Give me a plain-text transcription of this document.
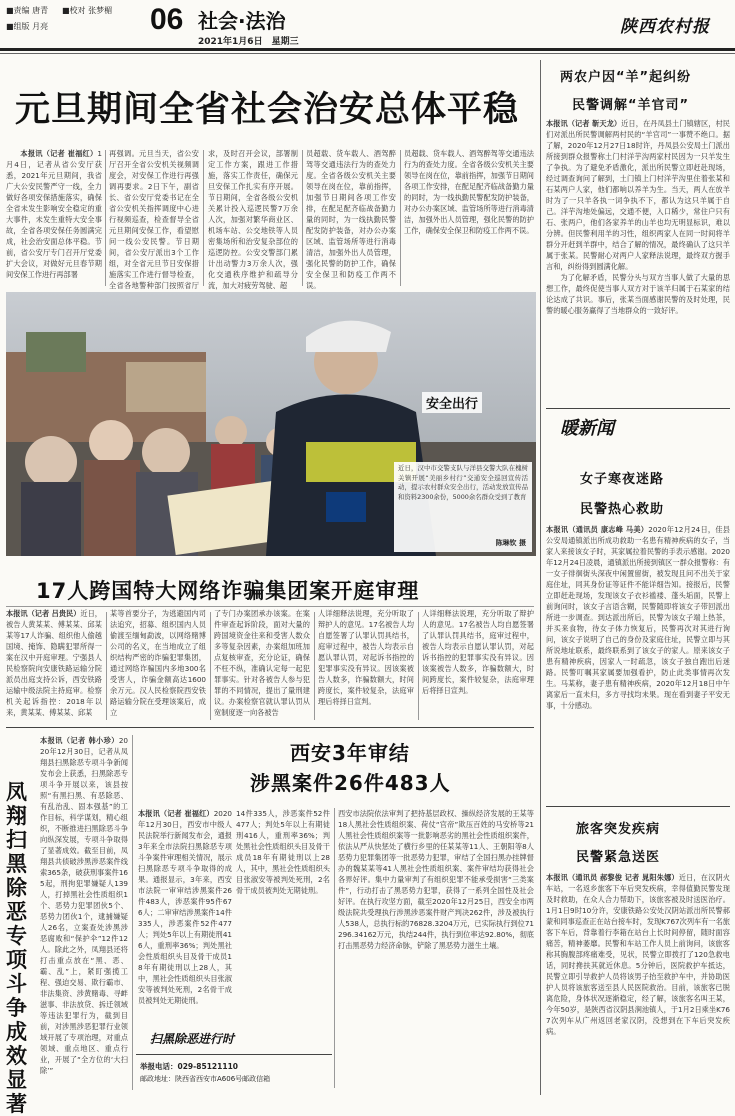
■责编 唐青 ■校对 张梦楣
■组版 月亮	06 社会·法治
2021年1月6日　星期三
陕西农村报
元旦期间全省社会治安总体平稳

本报讯（记者 崔福红）1月4日，记者从省公安厅获悉，2021年元旦期间，我省广大公安民警严守一线，全力做好各项安保措施落实，确保全省未发生影响安全稳定的重大事件，未发生重特大安全事故，全省各项安保任务圆满完成，社会治安面总体平稳。节前，省公安厅专门召开厅党委扩大会议，对做好元旦春节期间安保工作进行再部署

再强调。元旦当天，省公安厅召开全省公安机关视频调度会，对安保工作进行再强调再要求。2日下午，副省长、省公安厅党委书记在全省公安机关指挥调度中心进行视频巡查，检查督导全省元旦期间安保工作，看望慰问一线公安民警。节日期间，省公安厅派出3个工作组，对全省元旦节日安保措施落实工作进行督导检查，全省各地警种部门按照省厅
求，及时召开会议，部署制定工作方案，跟进工作措施，落实工作责任，确保元旦安保工作扎实有序开展。节日期间，全省各级公安机关累计投入巡逻民警7万余人次，加强对繁华商业区、机场车站、公交地铁等人员密集场所和治安复杂部位的巡逻防控。公安交警部门累计出动警力3万余人次，强化交通秩序维护和疏导分流，加大对疲劳驾驶、超
员超载、货车载人、酒驾醉驾等交通违法行为的查处力度。全省各级公安机关主要领导在岗在位，靠前指挥，加强节日期间各项工作安排，在配足配齐临战备勤力量的同时，为一线执勤民警配发防护装备，对办公办案区域、监管场所等进行消毒清洁，加强外出人员管理，强化民警的防护工作，确保安全保卫和防疫工作两不误。

员超载、货车载人、酒驾醉驾等交通违法行为的查处力度。全省各级公安机关主要领导在岗在位，靠前指挥，加强节日期间各项工作安排，在配足配齐临战备勤力量的同时，为一线执勤民警配发防护装备，对办公办案区域、监管场所等进行消毒清洁，加强外出人员管理，强化民警的防护工作，确保安全保卫和防疫工作两不误。

安全出行
近日，汉中市交警支队与洋县交警大队在槐树关镇开展“美丽乡村行”交通安全巡回宣传活动，提示农村群众安全出行，活动发放宣传品和资料2300余份，5000余名群众受到了教育
陈琳钦 摄
17人跨国特大网络诈骗集团案开庭审理

本报讯（记者 吕贵民）近日，被告人黄某某、傅某某、邱某某等17人诈骗、组织他人偷越国境、掩饰、隐瞒犯罪所得一案在汉中开庭审理。宁强县人民检察院向安康铁路运输分院派员出庭支持公诉，西安铁路运输中级法院主持庭审。检察机关起诉指控：2018年以来，黄某某、傅某某、邱某

某等首要分子，为逃避国内司法追究，招募、组织国内人员偷渡至缅甸勐波，以网络赌博公司的名义，在当地成立了组织结构严密的诈骗犯罪集团，通过网络诈骗国内多地300名受害人，诈骗金额高达1600余万元。汉人民检察院西安铁路运输分院在受理该案后，成立
了专门办案团承办该案。在案件审查起诉阶段，面对大量的跨国境资金往来和受害人数众多等复杂因素，办案组加班加点复核审查，充分论证，确保不枉不纵，准确认定每一起犯罪事实。针对各被告人参与犯罪的不同情况，提出了量刑建议。办案检察官就认罪认罚从宽制度逐一向各被告
人详细释法说理，充分听取了辩护人的意见。17名被告人均自愿签署了认罪认罚具结书，庭审过程中，被告人均表示自愿认罪认罚，对起诉书指控的犯罪事实没有异议。因该案被告人数多，诈骗数额大，时间跨度长，案件较复杂，法庭审理后将择日宣判。

人详细释法说理，充分听取了辩护人的意见。17名被告人均自愿签署了认罪认罚具结书，庭审过程中，被告人均表示自愿认罪认罚，对起诉书指控的犯罪事实没有异议。因该案被告人数多，诈骗数额大，时间跨度长，案件较复杂，法庭审理后将择日宣判。

凤翔扫黑除恶专项斗争成效显著

本报讯（记者 韩小珍）2020年12月30日，记者从凤翔县扫黑除恶专项斗争新闻发布会上获悉，扫黑除恶专项斗争开展以来，该县按照“有黑扫黑、有恶除恶、有乱治乱、固本强基”的工作目标，科学谋划，精心组织，不断推进扫黑除恶斗争向纵深发展，专项斗争取得了显著成效。截至目前，凤翔县共侦破涉黑涉恶案件线索365条，破获刑事案件165起，刑拘犯罪嫌疑人139人，打掉黑社会性质组织1个、恶势力犯罪团伙5个、恶势力团伙1个，逮捕嫌疑人26名，立案查处涉黑涉恶腐败和“保护伞”12件12人。除此之外，凤翔县还将打击重点放在“黑、恶、霸、乱”上，紧盯强揽工程、强迫交易、欺行霸市、非法集资、涉黄赌毒、寻衅滋事、非法放贷、拆迁领域等违法犯罪行为，截到目前，对涉黑涉恶犯罪行业领域开展了专项治理，对重点领域、重点地区、重点行业，开展了“全方位的‘大扫除’”

西安3年审结
涉黑案件26件483人

本报讯（记者 崔福红）2020年12月30日，西安市中级人民法院举行新闻发布会，通报3年来全市法院扫黑除恶专项斗争案件审理相关情况，展示扫黑除恶专项斗争取得的成果。通报显示，3年来，西安市法院一审审结涉黑案件26件483人，涉恶案件95件676人；二审审结涉黑案件14件335人，涉恶案件52件477人；判处5年以上有期徒刑416人，重刑率36%；判处黑社会性质组织头目及骨干成员18年有期徒刑以上28人，其中，黑社会性质组织头目张淑安等被判处死刑，2名骨干成员被判处无期徒刑。

14件335人，涉恶案件52件477人；判处5年以上有期徒刑416人，重刑率36%；判处黑社会性质组织头目及骨干成员18年有期徒刑以上28人，其中，黑社会性质组织头目张淑安等被判处死刑，2名骨干成员被判处无期徒刑。

西安市法院依法审判了把持基层政权、操纵经济发展的王某等18人黑社会性质组织案、荷仗“官帝”欺压百姓的马安桥等21人黑社会性质组织案等一批影响恶劣的黑社会性质组织案件，依法从严从快惩处了横行乡里的任某某等11人、王朝阳等8人恶势力犯罪集团等一批恶势力犯罪，审结了全国扫黑办挂牌督办的魏某某等41人黑社会性质组织案、案件审结均获得社会各界好评。集中力量审判了有组织犯罪不能承受损害“三类案件”，行动打击了黑恶势力犯罪，获得了一系列全国性及社会好评。在执行攻坚方面，截至2020年12月25日，西安全市两级法院共受理执行涉黑涉恶案件财产判决262件，涉及被执行人538人，总执行标的76828.3204万元，已实际执行到位71296.34162万元，执结244件，执行到位率达92.80%，彻底打击黑恶势力经济命脉，铲除了黑恶势力滋生土壤。
扫黑除恶进行时
举报电话：029-85121110
邮政地址：陕西省西安市A606号邮政信箱
两农户因“羊”起纠纷
民警调解“羊官司”

本报讯（记者 靳天龙）近日，在丹凤县土门镇辖区，村民们对派出所民警调解两村民的“羊官司”一事赞不绝口。据了解，2020年12月27日18时许，丹凤县公安局土门派出所接到群众报警称土门村洋芋沟两家村民因为一只羊发生了争执。为了避免矛盾激化，派出所民警立即赶赴现场，经过调查询问了解到，土门镇上门村洋芋沟里住着张某和石某两户人家，他们都响以养羊为生。当天，两人在放羊时为了一只羊各执一词争执不下，都认为这只羊属于自己。洋芋沟地处偏远，交通不便，入口稀少，常住户只有石、张两户，他们各家养羊的山羊也均无明显标识，难以分辨。但民警利用羊的习性，组织两家人在同一时间将羊群分开赶到羊群中，结合了解的情况，最终确认了这只羊属于张某。民警耐心对两户人家释法说理，最终双方握手言和，纠纷得到圆满化解。

为了化解矛盾，民警分头与双方当事人做了大量的思想工作，最终促使当事人双方对于该羊归属于石某家的结论达成了共识。事后，张某当面感谢民警的及时处理，民警的暖心服务赢得了当地群众的一致好评。

暖新闻
女子寒夜迷路
民警热心救助

本报讯（通讯员 康志峰 马美）2020年12月24日，佳县公安局通镇派出所成功救助一名患有精神疾病的女子，当家人来接该女子时，其家属拉着民警的手表示感谢。2020年12月24日凌晨，通镇派出所接到镇区一群众报警称：有一女子徘徊街头深夜中闲置留街，被发现且问不出关于家庭住址，同其身份证等证件不能详细告知。接报后，民警立即赶赴现场，发现该女子衣衫褴褛、蓬头垢面，民警上前询问时，该女子言语含糊，民警随即将该女子带回派出所进一步调查。到达派出所后，民警为该女子端上热茶，并买来食物，待女子体力恢复后，民警再次对其进行询问，该女子说明了自己的身份及家庭住址，民警立即与其所说地址联系，最终联系到了该女子的家人。原来该女子患有精神疾病，因家人一时疏忽，该女子独自跑出后迷路。民警叮嘱其家属要加强看护，防止此类事情再次发生。马某称，妻子患有精神疾病，2020年12月18日中午离家后一直未归，多方寻找均未果。现在看到妻子平安无事，十分感动。

旅客突发疾病
民警紧急送医

本报讯（通讯员 郝黎俊 记者 晁阳朱娜）近日，在汉阴火车站，一名返乡旅客下车后突发疾病，幸得值勤民警发现及时救助，在众人合力帮助下，该旅客被及时送医治疗。1月1日9时10分许，安康铁路公安处汉阴站派出所民警郝蒙和同事巡查正在站台接车时，发现K767次列车有一名旅客下车后，背靠着行李箱在站台上长时间停留，随时面容痛苦，精神萎靡。民警和车站工作人员上前询问，该旅客称其胸腹部疼痛难受，见状，民警立即拨打了120急救电话，同时搀扶其就近休息。5分钟后，医院救护车抵达，民警立即引导救护人员将该男子抬至救护车中，并协助医护人员将该旅客送至县人民医院救治。目前，该旅客已脱离危险，身体状况逐渐稳定，经了解，该旅客名叫王某，今年50岁，是陕西省汉阴县涧池镇人，于1月2日乘坐K767次列车从广州返回老家汉阴，没想到在下车后突发疾病。
